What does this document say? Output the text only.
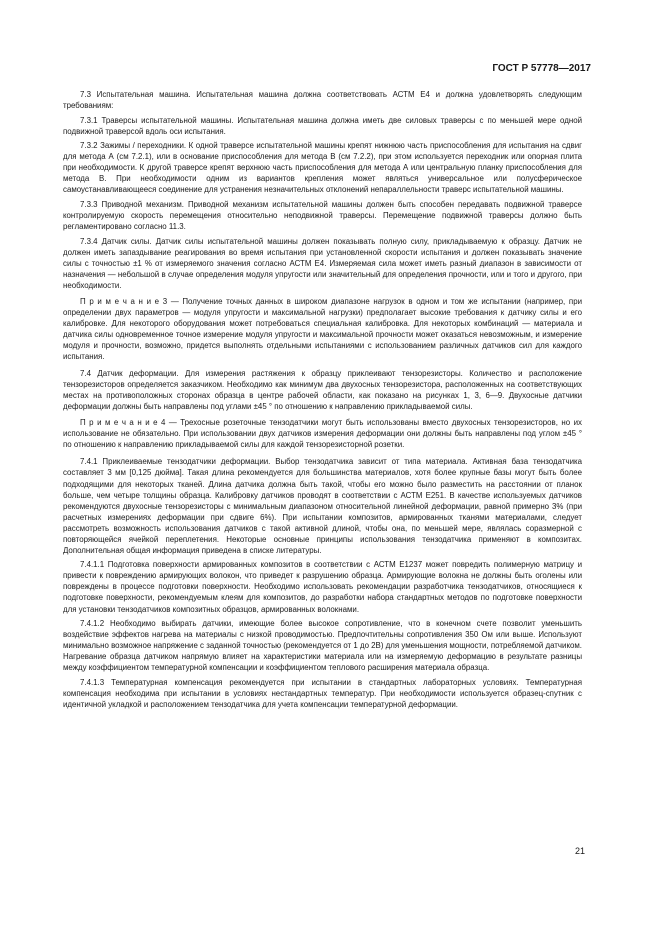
ГОСТ Р 57778—2017

7.3 Испытательная машина. Испытательная машина должна соответствовать АСТМ Е4 и должна удовлетворять следующим требованиям:

7.3.1 Траверсы испытательной машины. Испытательная машина должна иметь две силовых траверсы с по меньшей мере одной подвижной траверсой вдоль оси испытания.

7.3.2 Зажимы / переходники. К одной траверсе испытательной машины крепят нижнюю часть приспособления для испытания на сдвиг для метода А (см 7.2.1), или в основание приспособления для метода В (см 7.2.2), при этом используется переходник или опорная плита при необходимости. К другой траверсе крепят верхнюю часть приспособления для метода А или центральную планку приспособления для метода В. При необходимости одним из вариантов крепления может являться универсальное или полусферическое самоустанавливающееся соединение для устранения незначительных отклонений непараллельности траверс испытательной машины.

7.3.3 Приводной механизм. Приводной механизм испытательной машины должен быть способен передавать подвижной траверсе контролируемую скорость перемещения относительно неподвижной траверсы. Перемещение подвижной траверсы должно быть регламентировано согласно 11.3.

7.3.4 Датчик силы. Датчик силы испытательной машины должен показывать полную силу, прикладываемую к образцу. Датчик не должен иметь запаздывание реагирования во время испытания при установленной скорости испытания и должен показывать значение силы с точностью ±1 % от измеряемого значения согласно АСТМ Е4. Измеряемая сила может иметь разный диапазон в зависимости от назначения — небольшой в случае определения модуля упругости или значительный для определения прочности, или и того и другого, при необходимости.

П р и м е ч а н и е 3 — Получение точных данных в широком диапазоне нагрузок в одном и том же испытании (например, при определении двух параметров — модуля упругости и максимальной нагрузки) предполагает высокие требования к датчику силы и его калибровке. Для некоторого оборудования может потребоваться специальная калибровка. Для некоторых комбинаций — материала и датчика силы одновременное точное измерение модуля упругости и максимальной прочности может оказаться невозможным, и измерение модуля и прочности, возможно, придется выполнять отдельными испытаниями с использованием различных датчиков сил для каждого испытания.

7.4 Датчик деформации. Для измерения растяжения к образцу приклеивают тензорезисторы. Количество и расположение тензорезисторов определяется заказчиком. Необходимо как минимум два двухосных тензорезистора, расположенных на соответствующих местах на противоположных сторонах образца в центре рабочей области, как показано на рисунках 1, 3, 6—9. Двухосные датчики деформации должны быть направлены под углами ±45 ° по отношению к направлению прикладываемой силы.

П р и м е ч а н и е 4 — Трехосные розеточные тензодатчики могут быть использованы вместо двухосных тензорезисторов, но их использование не обязательно. При использовании двух датчиков измерения деформации они должны быть направлены под углом ±45 ° по отношению к направлению прикладываемой силы для каждой тензорезисторной розетки.

7.4.1 Приклеиваемые тензодатчики деформации. Выбор тензодатчика зависит от типа материала. Активная база тензодатчика составляет 3 мм [0,125 дюйма]. Такая длина рекомендуется для большинства материалов, хотя более крупные базы могут быть более подходящими для некоторых тканей. Длина датчика должна быть такой, чтобы его можно было разместить на расстоянии от планок больше, чем четыре толщины образца. Калибровку датчиков проводят в соответствии с АСТМ Е251. В качестве используемых датчиков рекомендуются двухосные тензорезисторы с минимальным диапазоном относительной линейной деформации, равной примерно 3% (при расчетных измерениях деформации при сдвиге 6%). При испытании композитов, армированных тканями материалами, следует рассмотреть возможность использования датчиков с такой активной длиной, чтобы она, по меньшей мере, являлась соразмерной с повторяющейся ячейкой переплетения. Некоторые основные принципы использования тензодатчика применяют в композитах. Дополнительная общая информация приведена в списке литературы.

7.4.1.1 Подготовка поверхности армированных композитов в соответствии с АСТМ Е1237 может повредить полимерную матрицу и привести к повреждению армирующих волокон, что приведет к разрушению образца. Армирующие волокна не должны быть оголены или повреждены в процессе подготовки поверхности. Необходимо использовать рекомендации разработчика тензодатчиков, относящиеся к подготовке поверхности, рекомендуемым клеям для композитов, до разработки набора стандартных методов по подготовке поверхности для установки тензодатчиков композитных образцов, армированных волокнами.

7.4.1.2 Необходимо выбирать датчики, имеющие более высокое сопротивление, что в конечном счете позволит уменьшить воздействие эффектов нагрева на материалы с низкой проводимостью. Предпочтительны сопротивления 350 Ом или выше. Используют минимально возможное напряжение с заданной точностью (рекомендуется от 1 до 2В) для уменьшения мощности, потребляемой датчиком. Нагревание образца датчиком напрямую влияет на характеристики материала или на измеряемую деформацию в результате разницы между коэффициентом температурной компенсации и коэффициентом теплового расширения материала образца.

7.4.1.3 Температурная компенсация рекомендуется при испытании в стандартных лабораторных условиях. Температурная компенсация необходима при испытании в условиях нестандартных температур. При необходимости используется образец-спутник с идентичной укладкой и расположением тензодатчика для учета компенсации температурной деформации.

21
